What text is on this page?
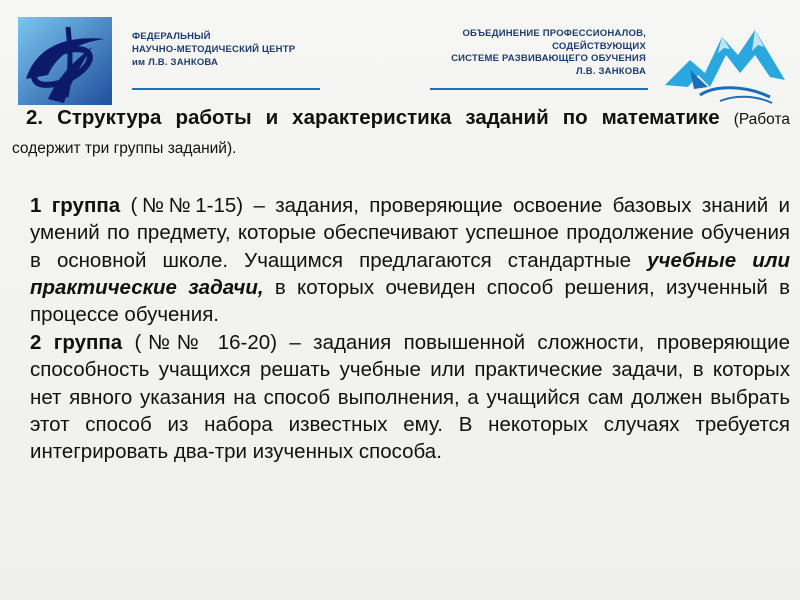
ФЕДЕРАЛЬНЫЙ
НАУЧНО-МЕТОДИЧЕСКИЙ ЦЕНТР
им Л.В. ЗАНКОВА
ОБЪЕДИНЕНИЕ ПРОФЕССИОНАЛОВ,
СОДЕЙСТВУЮЩИХ
СИСТЕМЕ РАЗВИВАЮЩЕГО ОБУЧЕНИЯ
Л.В. ЗАНКОВА

2. Структура работы и характеристика заданий по математике (Работа содержит три группы заданий).

1 группа (№№1-15) – задания, проверяющие освоение базовых знаний и умений по предмету, которые обеспечивают успешное продолжение обучения в основной школе. Учащимся предлагаются стандартные учебные или практические задачи, в которых очевиден способ решения, изученный в процессе обучения.

2 группа (№№ 16-20) – задания повышенной сложности, проверяющие способность учащихся решать учебные или практические задачи, в которых нет явного указания на способ выполнения, а учащийся сам должен выбрать этот способ из набора известных ему. В некоторых случаях требуется интегрировать два-три изученных способа.
